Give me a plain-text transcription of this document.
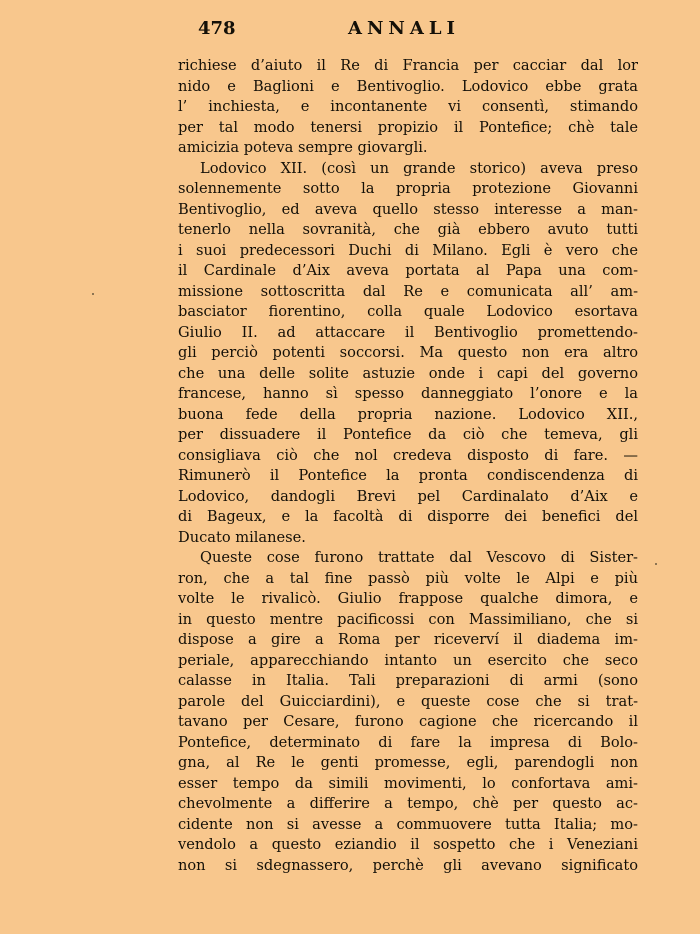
478	ANNALI
richiese d’aiuto il Re di Francia per cacciar dal lor
nido e Baglioni e Bentivoglio. Lodovico ebbe grata
l’ inchiesta, e incontanente vi consentì, stimando
per tal modo tenersi propizio il Pontefice; chè tale
amicizia poteva sempre giovargli.
Lodovico XII. (così un grande storico) aveva preso
solennemente sotto la propria protezione Giovanni
Bentivoglio, ed aveva quello stesso interesse a man-
tenerlo nella sovranità, che già ebbero avuto tutti
i suoi predecessori Duchi di Milano. Egli è vero che
il Cardinale d’Aix aveva portata al Papa una com-
missione sottoscritta dal Re e comunicata all’ am-
basciator fiorentino, colla quale Lodovico esortava
Giulio II. ad attaccare il Bentivoglio promettendo-
gli perciò potenti soccorsi. Ma questo non era altro
che una delle solite astuzie onde i capi del governo
francese, hanno sì spesso danneggiato l’onore e la
buona fede della propria nazione. Lodovico XII.,
per dissuadere il Pontefice da ciò che temeva, gli
consigliava ciò che nol credeva disposto di fare. —
Rimunerò il Pontefice la pronta condiscendenza di
Lodovico, dandogli Brevi pel Cardinalato d’Aix e
di Bageux, e la facoltà di disporre dei benefici del
Ducato milanese.
Queste cose furono trattate dal Vescovo di Sister-
ron, che a tal fine passò più volte le Alpi e più
volte le rivalicò. Giulio frappose qualche dimora, e
in questo mentre pacificossi con Massimiliano, che si
dispose a gire a Roma per riceverví il diadema im-
periale, apparecchiando intanto un esercito che seco
calasse in Italia. Tali preparazioni di armi (sono
parole del Guicciardini), e queste cose che si trat-
tavano per Cesare, furono cagione che ricercando il
Pontefice, determinato di fare la impresa di Bolo-
gna, al Re le genti promesse, egli, parendogli non
esser tempo da simili movimenti, lo confortava ami-
chevolmente a differire a tempo, chè per questo ac-
cidente non si avesse a commuovere tutta Italia; mo-
vendolo a questo eziandio il sospetto che i Veneziani
non si sdegnassero, perchè gli avevano significato
